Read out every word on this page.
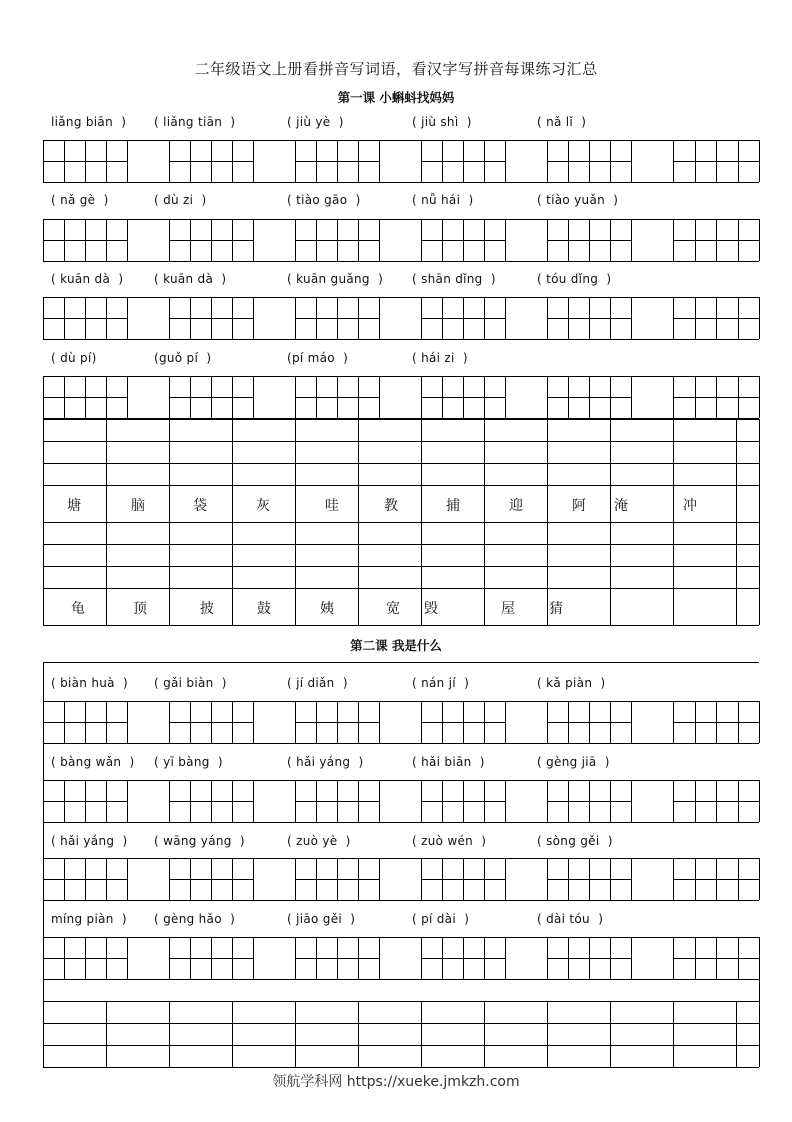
二年级语文上册看拼音写词语，看汉字写拼音每课练习汇总
第一课 小蝌蚪找妈妈
第二课 我是什么
liǎng biān  ) ( liǎng tiān  )	( jiù yè  )	( jiù shì  )	( nǎ lǐ  )
( nǎ gè  )	( dù zi  )	( tiào gāo  )	( nǚ hái  )	( tiào yuǎn  )
( kuān dà  )	( kuān dà  )	( kuān guǎng  ) ( shān dǐng  )	( tóu dǐng  )
( dù pí)	(guǒ pí  )	(pí máo  )	( hái zi  )
塘	脑	袋	灰	哇	教	捕	迎	阿	淹	冲
龟	顶	披	鼓	姨	宽	毁	屋	猜
( biàn huà  ) ( gǎi biàn  )	( jí diǎn  )	( nán jí  )	( kǎ piàn  )
( bàng wǎn  ) ( yī bàng  )	( hǎi yáng  )	( hǎi biān  )	( gèng jiā  )
( hǎi yáng  ) ( wāng yáng  )	( zuò yè  )	( zuò wén  )	( sòng gěi  )
míng piàn  ) ( gèng hǎo  )	( jiāo gěi  )	( pí dài  )	( dài tóu  )
领航学科网 https://xueke.jmkzh.com
